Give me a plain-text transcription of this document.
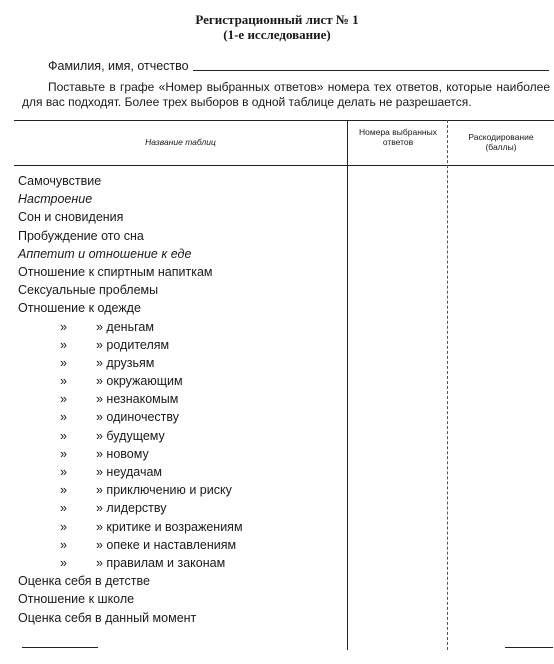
Регистрационный лист № 1
(1-е исследование)
Фамилия, имя, отчество
Поставьте в графе «Номер выбранных ответов» номера тех ответов, которые наиболее для вас подходят. Более трех выборов в одной таблице делать не разрешается.
Название таблиц
Номера выбранных ответов	Раскодирование (баллы)
Самочувствие
Настроение
Сон и сновидения
Пробуждение ото сна
Аппетит и отношение к еде
Отношение к спиртным напиткам
Сексуальные проблемы
Отношение к одежде
» » деньгам
» » родителям
» » друзьям
» » окружающим
» » незнакомым
» » одиночеству
» » будущему
» » новому
» » неудачам
» » приключению и риску
» » лидерству
» » критике и возражениям
» » опеке и наставлениям
» » правилам и законам
Оценка себя в детстве
Отношение к школе
Оценка себя в данный момент
